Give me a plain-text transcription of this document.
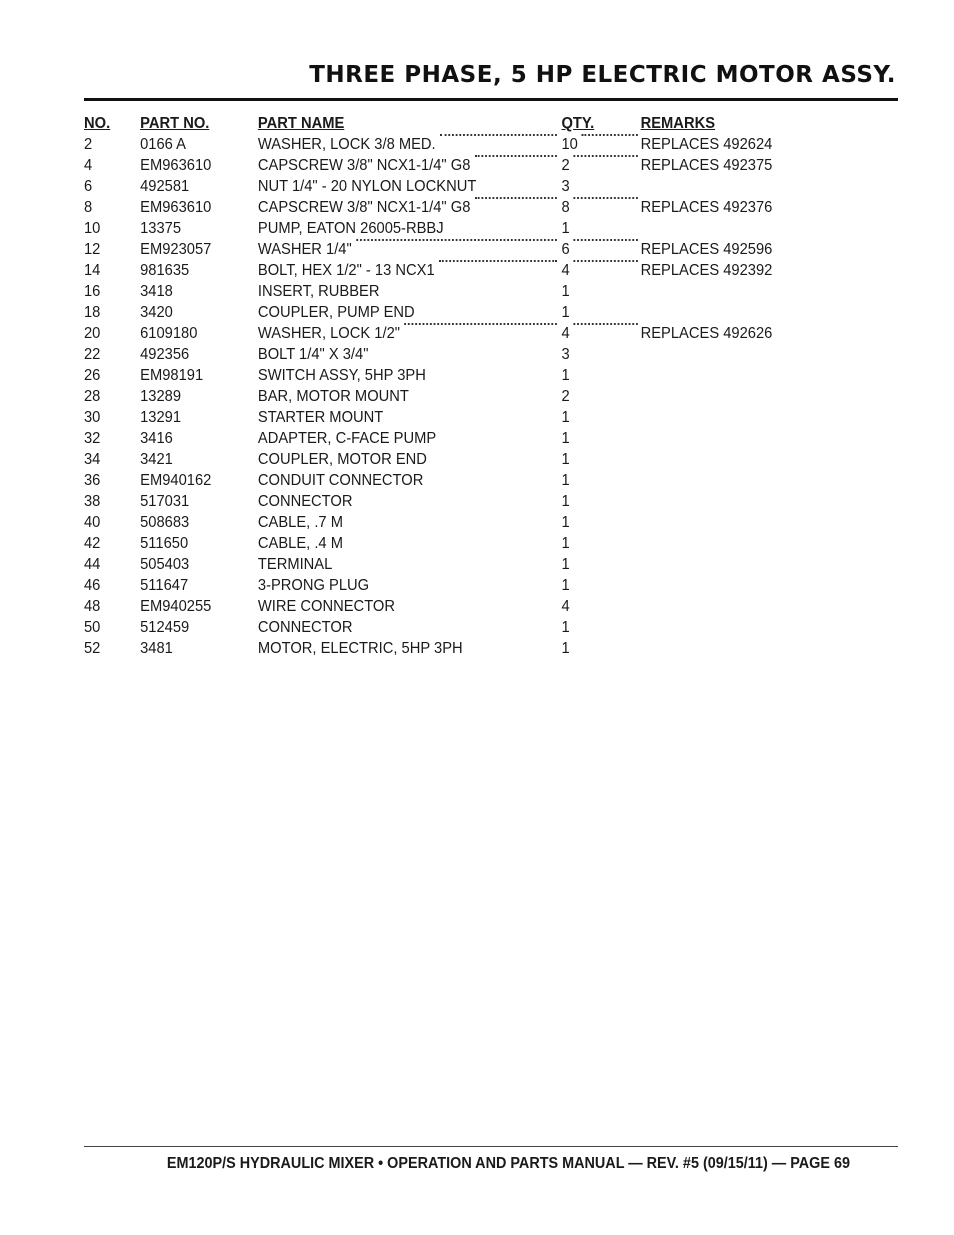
THREE PHASE, 5 HP ELECTRIC MOTOR ASSY.
NO. PART NO.	PART NAME	QTY.	REMARKS
2	0166 A	WASHER, LOCK 3/8 MED.	10	REPLACES 492624
4	EM963610	CAPSCREW 3/8" NCX1-1/4" G8	2	REPLACES 492375
6	492581	NUT 1/4" - 20 NYLON LOCKNUT	3
8	EM963610	CAPSCREW 3/8" NCX1-1/4" G8	8	REPLACES 492376
10 13375	PUMP, EATON 26005-RBBJ	1
12 EM923057	WASHER 1/4"	6	REPLACES 492596
14 981635	BOLT, HEX 1/2" - 13 NCX1	4	REPLACES 492392
16 3418	INSERT, RUBBER	1
18 3420	COUPLER, PUMP END	1
20 6109180	WASHER, LOCK 1/2"	4	REPLACES 492626
22 492356	BOLT 1/4" X 3/4"	3
26 EM98191	SWITCH ASSY, 5HP 3PH	1
28 13289	BAR, MOTOR MOUNT	2
30 13291	STARTER MOUNT	1
32 3416	ADAPTER, C-FACE PUMP	1
34 3421	COUPLER, MOTOR END	1
36 EM940162	CONDUIT CONNECTOR	1
38 517031	CONNECTOR	1
40 508683	CABLE, .7 M	1
42 511650	CABLE, .4 M	1
44 505403	TERMINAL	1
46 511647	3-PRONG PLUG	1
48 EM940255	WIRE CONNECTOR	4
50 512459	CONNECTOR	1
52 3481	MOTOR, ELECTRIC, 5HP 3PH	1
EM120P/S HYDRAULIC MIXER • OPERATION AND PARTS MANUAL — REV. #5 (09/15/11) — PAGE 69
